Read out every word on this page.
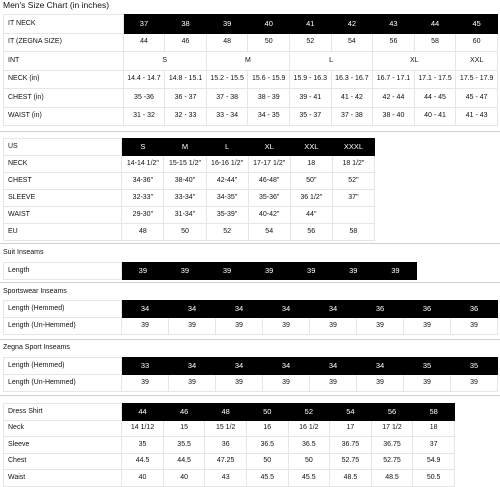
Men's Size Chart (in inches)
IT NECK	37	38	39	40	41	42	43	44	45
IT (ZEGNA SIZE)	44	46	48	50	52	54	56	58	60
INT	S		M		L		XL		XXL
NECK (in)	14.4 - 14.7	14.8 - 15.1	15.2 - 15.5	15.6 - 15.9	15.9 - 16.3	16.3 - 16.7	16.7 - 17.1	17.1 - 17.5	17.5 - 17.9
CHEST (in)	35 -36	36 - 37	37 - 38	38 - 39	39 - 41	41 - 42	42 - 44	44 - 45	45 - 47
WAIST (in)	31 - 32	32 - 33	33 - 34	34 - 35	35 - 37	37 - 38	38 - 40	40 - 41	41 - 43
US	S	M	L	XL	XXL	XXXL
NECK	14-14 1/2"	15-15 1/2"	16-16 1/2"	17-17 1/2"	18	18 1/2"
CHEST	34-36"	38-40"	42-44"	46-48"	50"	52"
SLEEVE	32-33"	33-34"	34-35"	35-36"	36 1/2"	37"
WAIST	29-30"	31-34"	35-39"	40-42"	44"	
EU	48	50	52	54	56	58
Suit Inseams
Length	39	39	39	39	39	39	39
Sportswear Inseams
Length (Hemmed)	34	34	34	34	34	36	36	36
Length (Un-Hemmed)	39	39	39	39	39	39	39	39
Zegna Sport Inseams
Length (Hemmed)	33	34	34	34	34	34	35	35
Length (Un-Hemmed)	39	39	39	39	39	39	39	39
Dress Shirt	44	46	48	50	52	54	56	58
Neck	14 1/12	15	15 1/2	16	16 1/2	17	17 1/2	18
Sleeve	35	35.5	36	36.5	36.5	36.75	36.75	37
Chest	44.5	44.5	47.25	50	50	52.75	52.75	54.9
Waist	40	40	43	45.5	45.5	48.5	48.5	50.5
